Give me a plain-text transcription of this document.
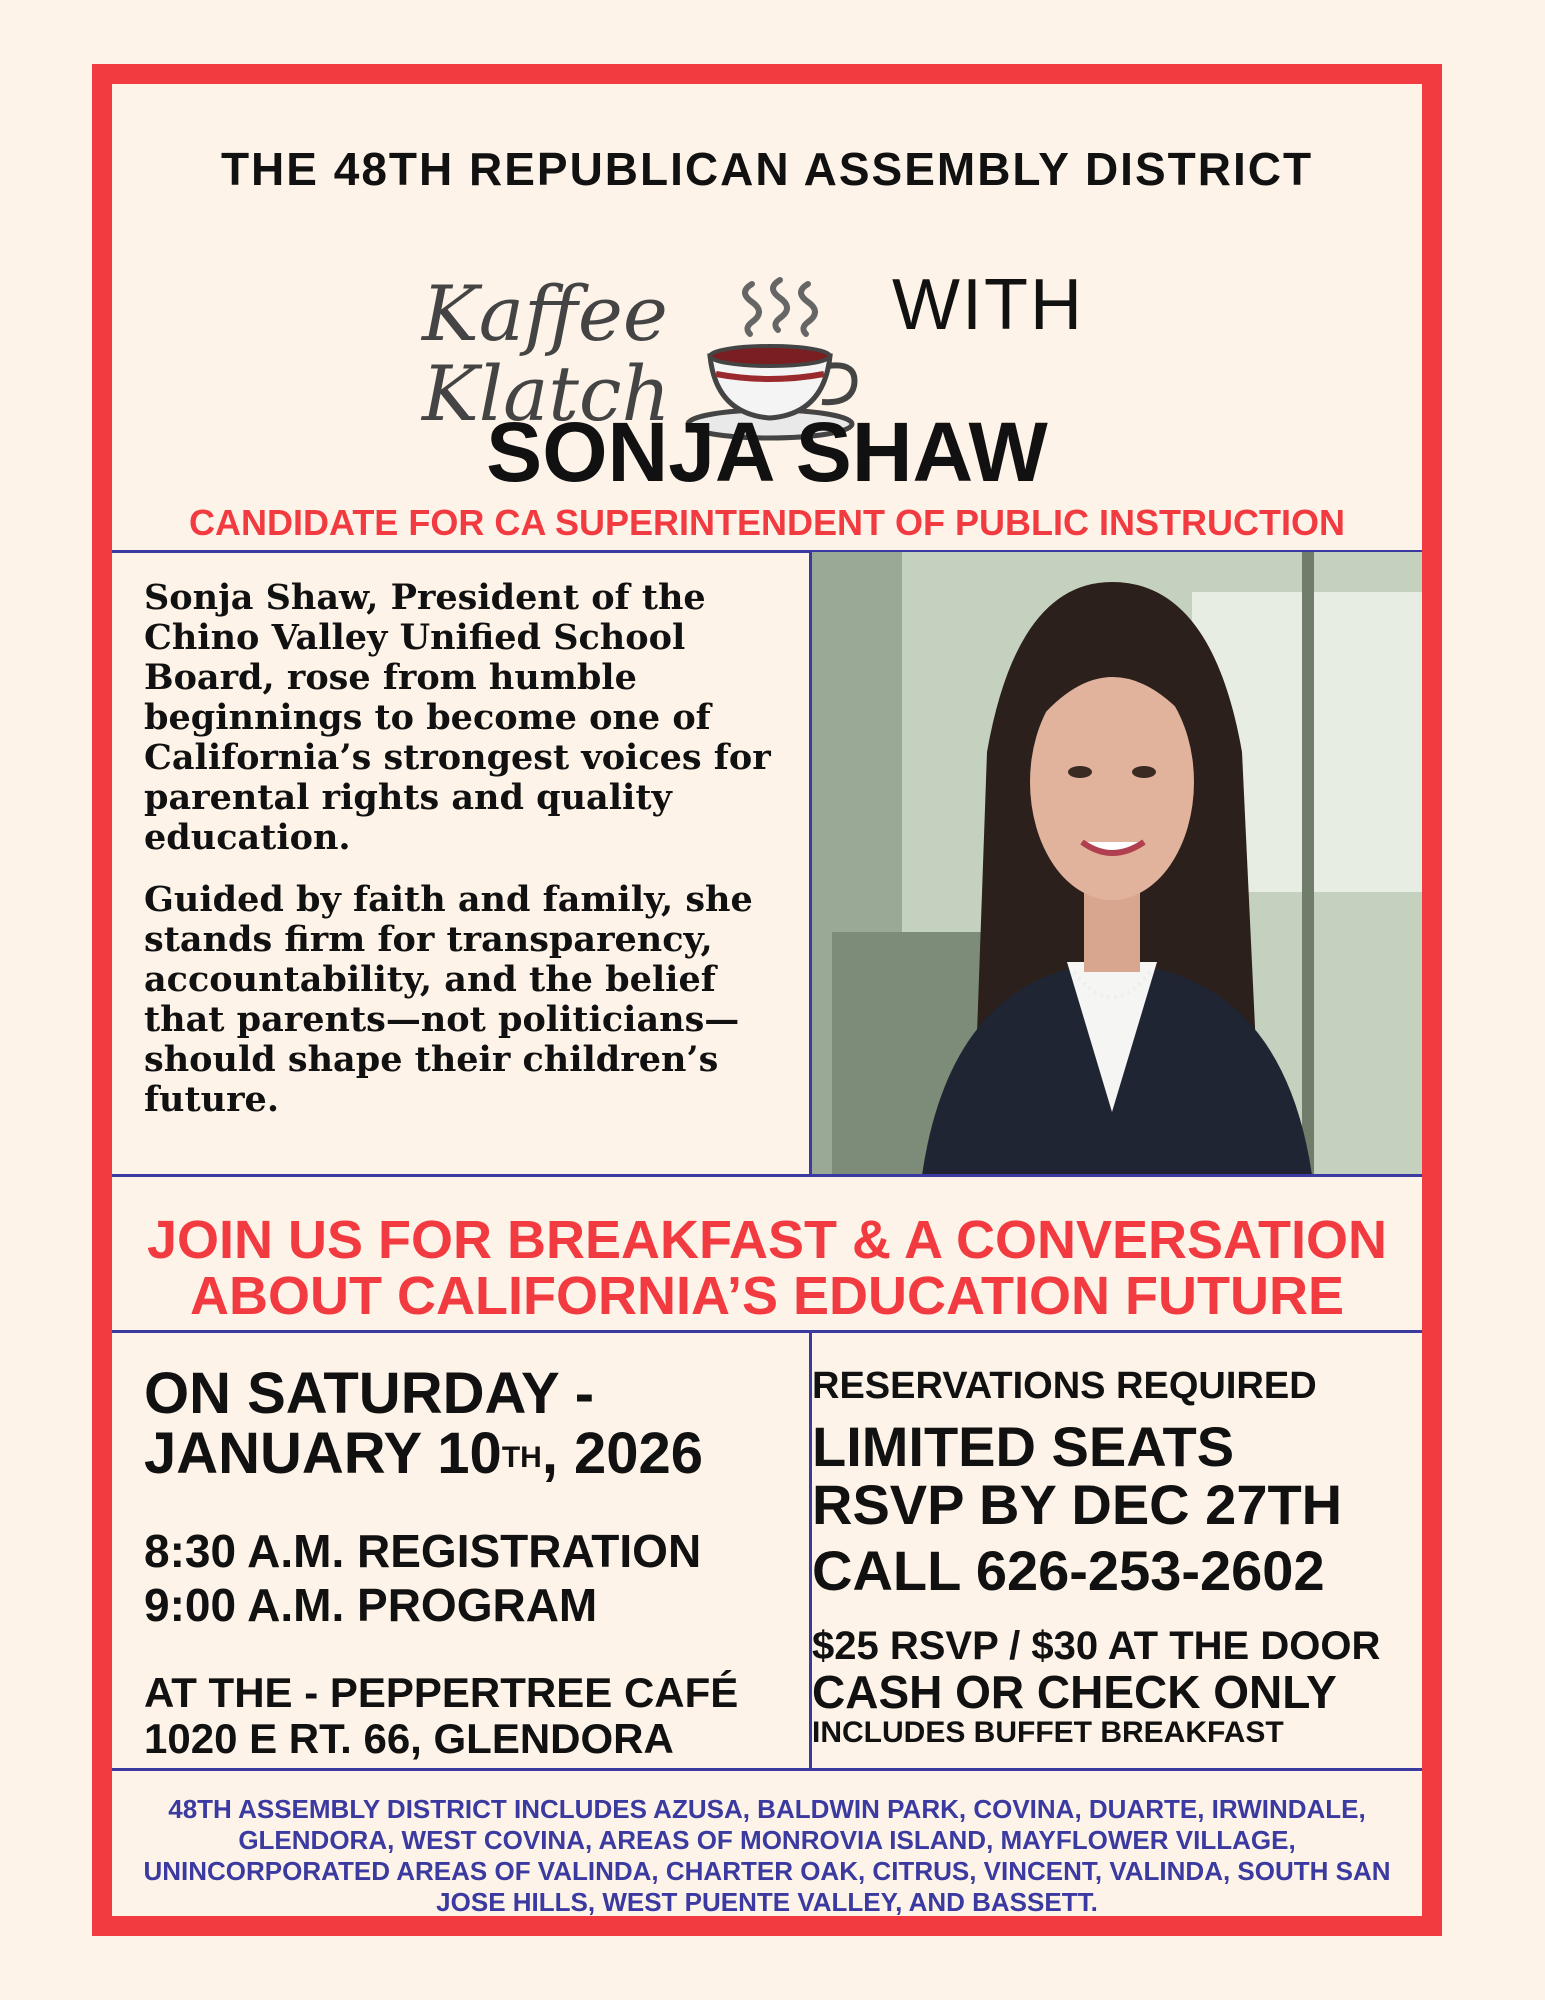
THE 48TH REPUBLICAN ASSEMBLY DISTRICT
Kaffee
Klatch
WITH
SONJA SHAW
CANDIDATE FOR CA SUPERINTENDENT OF PUBLIC INSTRUCTION

Sonja Shaw, President of the Chino Valley Unified School Board, rose from humble beginnings to become one of California’s strongest voices for parental rights and quality education.

Guided by faith and family, she stands firm for transparency, accountability, and the belief that parents—not politicians—should shape their children’s future.

JOIN US FOR BREAKFAST & A CONVERSATION
ABOUT CALIFORNIA’S EDUCATION FUTURE
ON SATURDAY -
JANUARY 10TH, 2026
8:30 A.M. REGISTRATION
9:00 A.M. PROGRAM
AT THE - PEPPERTREE CAFÉ
1020 E RT. 66, GLENDORA
RESERVATIONS REQUIRED
LIMITED SEATS
RSVP BY DEC 27TH
CALL 626-253-2602
$25 RSVP / $30 AT THE DOOR
CASH OR CHECK ONLY
INCLUDES BUFFET BREAKFAST
48TH ASSEMBLY DISTRICT INCLUDES AZUSA, BALDWIN PARK, COVINA, DUARTE, IRWINDALE, GLENDORA, WEST COVINA, AREAS OF MONROVIA ISLAND, MAYFLOWER VILLAGE, UNINCORPORATED AREAS OF VALINDA, CHARTER OAK, CITRUS, VINCENT, VALINDA, SOUTH SAN JOSE HILLS, WEST PUENTE VALLEY, AND BASSETT.
